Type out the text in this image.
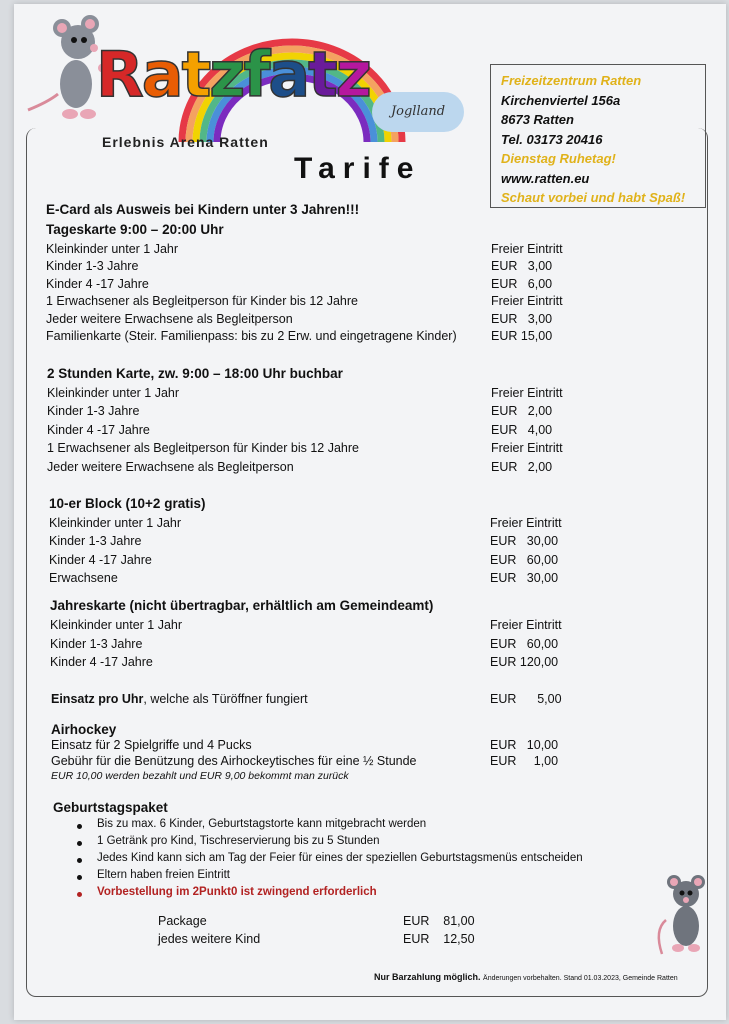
Ratzfatz
Joglland
Erlebnis Arena Ratten
Tarife
Freizeitzentrum Ratten
Kirchenviertel 156a
8673 Ratten
Tel. 03173 20416
Dienstag Ruhetag!
www.ratten.eu
Schaut vorbei und habt Spaß!
E-Card als Ausweis bei Kindern unter 3 Jahren!!!
Tageskarte 9:00 – 20:00 Uhr
Kleinkinder unter 1 Jahr	Freier Eintritt
Kinder 1-3 Jahre	EUR   3,00
Kinder 4 -17 Jahre	EUR   6,00
1 Erwachsener als Begleitperson für Kinder bis 12 Jahre	Freier Eintritt
Jeder weitere Erwachsene als Begleitperson	EUR   3,00
Familienkarte (Steir. Familienpass: bis zu 2 Erw. und eingetragene Kinder)	EUR 15,00
2 Stunden Karte, zw. 9:00 – 18:00 Uhr buchbar
Kleinkinder unter 1 Jahr	Freier Eintritt
Kinder 1-3 Jahre	EUR   2,00
Kinder 4 -17 Jahre	EUR   4,00
1 Erwachsener als Begleitperson für Kinder bis 12 Jahre	Freier Eintritt
Jeder weitere Erwachsene als Begleitperson	EUR   2,00
10-er Block (10+2 gratis)
Kleinkinder unter 1 Jahr	Freier Eintritt
Kinder 1-3 Jahre	EUR   30,00
Kinder 4 -17 Jahre	EUR   60,00
Erwachsene	EUR   30,00
Jahreskarte (nicht übertragbar, erhältlich am Gemeindeamt)
Kleinkinder unter 1 Jahr	Freier Eintritt
Kinder 1-3 Jahre	EUR   60,00
Kinder 4 -17 Jahre	EUR 120,00
Einsatz pro Uhr, welche als Türöffner fungiert	EUR      5,00
Airhockey
Einsatz für 2 Spielgriffe und 4 Pucks	EUR   10,00
Gebühr für die Benützung des Airhockeytisches für eine ½ Stunde	EUR     1,00
EUR 10,00 werden bezahlt und EUR 9,00 bekommt man zurück
Geburtstagspaket
Bis zu max. 6 Kinder, Geburtstagstorte kann mitgebracht werden
1 Getränk pro Kind, Tischreservierung bis zu 5 Stunden
Jedes Kind kann sich am Tag der Feier für eines der speziellen Geburtstagsmenüs entscheiden
Eltern haben freien Eintritt
Vorbestellung im 2Punkt0 ist zwingend erforderlich
Package	EUR    81,00
jedes weitere Kind	EUR    12,50
Nur Barzahlung möglich. Änderungen vorbehalten. Stand 01.03.2023, Gemeinde Ratten
